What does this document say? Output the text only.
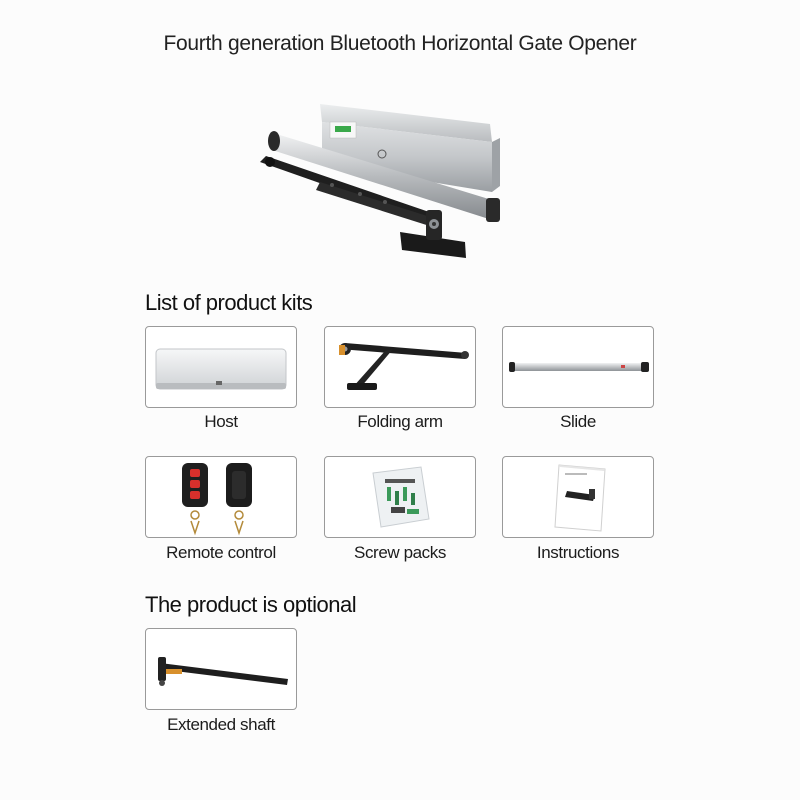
Fourth generation Bluetooth Horizontal Gate Opener
List of product kits
Host	Folding arm	Slide
Remote control	Screw packs	Instructions
The product is optional
Extended shaft
